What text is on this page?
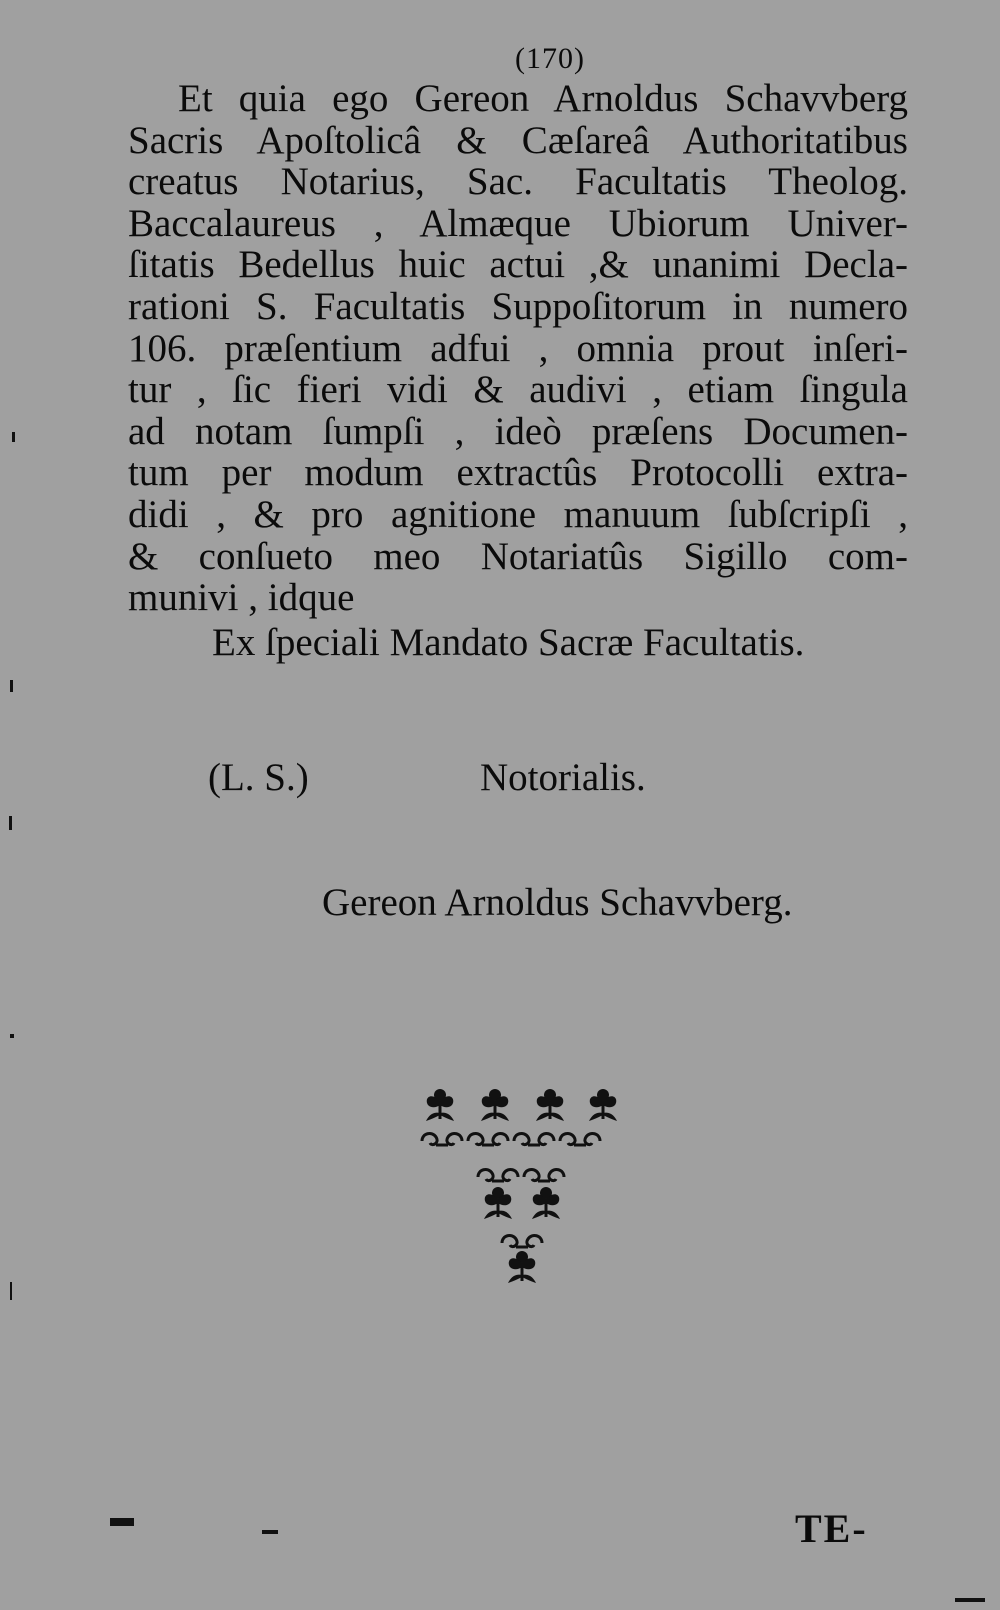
(170)
Et quia ego Gereon Arnoldus Schavvberg
Sacris Apoſtolicâ & Cæſareâ Authoritatibus
creatus Notarius, Sac. Facultatis Theolog.
Baccalaureus , Almæque Ubiorum Univer-
ſitatis Bedellus huic actui ,& unanimi Decla-
rationi S. Facultatis Suppoſitorum in numero
106. præſentium adfui , omnia prout inſeri-
tur , ſic fieri vidi & audivi , etiam ſingula
ad notam ſumpſi , ideò præſens Documen-
tum per modum extractûs Protocolli extra-
didi , & pro agnitione manuum ſubſcripſi ,
& conſueto meo Notariatûs Sigillo com-
munivi , idque
Ex ſpeciali Mandato Sacræ Facultatis.
(L. S.)	Notorialis.
Gereon Arnoldus Schavvberg.
TE-
